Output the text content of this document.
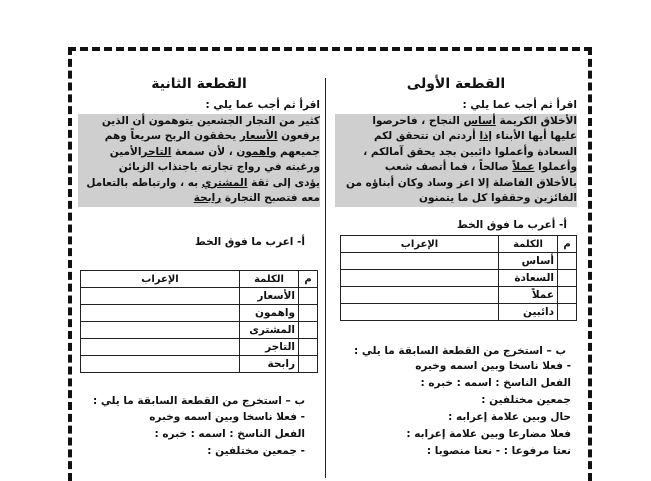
القطعة الأولى
اقرأ ثم أجب عما يلي :
الأخلاق الكريمة أساس النجاح ، فاحرصوا
عليها أيها الأبناء إذا أردتم ان تتحقق لكم
السعادة وأعملوا دائبين بجد يحقق آمالكم ،
وأعملوا عملاً صالحاً ، فما أتصف شعب
بالأخلاق الفاضلة إلا اعز وساد وكان أبناؤه من
الفائزين وحققوا كل ما يتمنون
أ- أعرب ما فوق الخط
م	الكلمة	الإعراب
	أساس	
	السعادة	
	عملاً	
	دائبين	
ب – استخرج من القطعة السابقة ما يلي :
- فعلا ناسخا وبين اسمه وخبره
الفعل الناسخ : اسمه : خبره :
جمعين مختلفين :
حال وبين علامة إعرابه :
فعلا مضارعا وبين علامة إعرابه :
نعتا مرفوعا : - نعتا منصوبا :
القطعة الثانية
اقرأ ثم أجب عما يلي :
كثير من التجار الجشعين يتوهمون أن الذين
يرفعون الأسعار يحققون الربح سريعاً وهم
جميعهم واهمون ، لأن سمعة التاجرالأمين
ورغبته في رواج تجارته باجتذاب الزبائن
يؤدى إلى ثقة المشتري به ، وارتباطه بالتعامل
معه فتصبح التجارة رابحة
أ- اعرب ما فوق الخط
م	الكلمة	الإعراب
	الأسعار	
	واهمون	
	المشترى	
	التاجر	
	رابحة	
ب – استخرج من القطعة السابقة ما يلي :
- فعلا ناسخا وبين اسمه وخبره
الفعل الناسخ : اسمه : خبره :
- جمعين مختلفين :
